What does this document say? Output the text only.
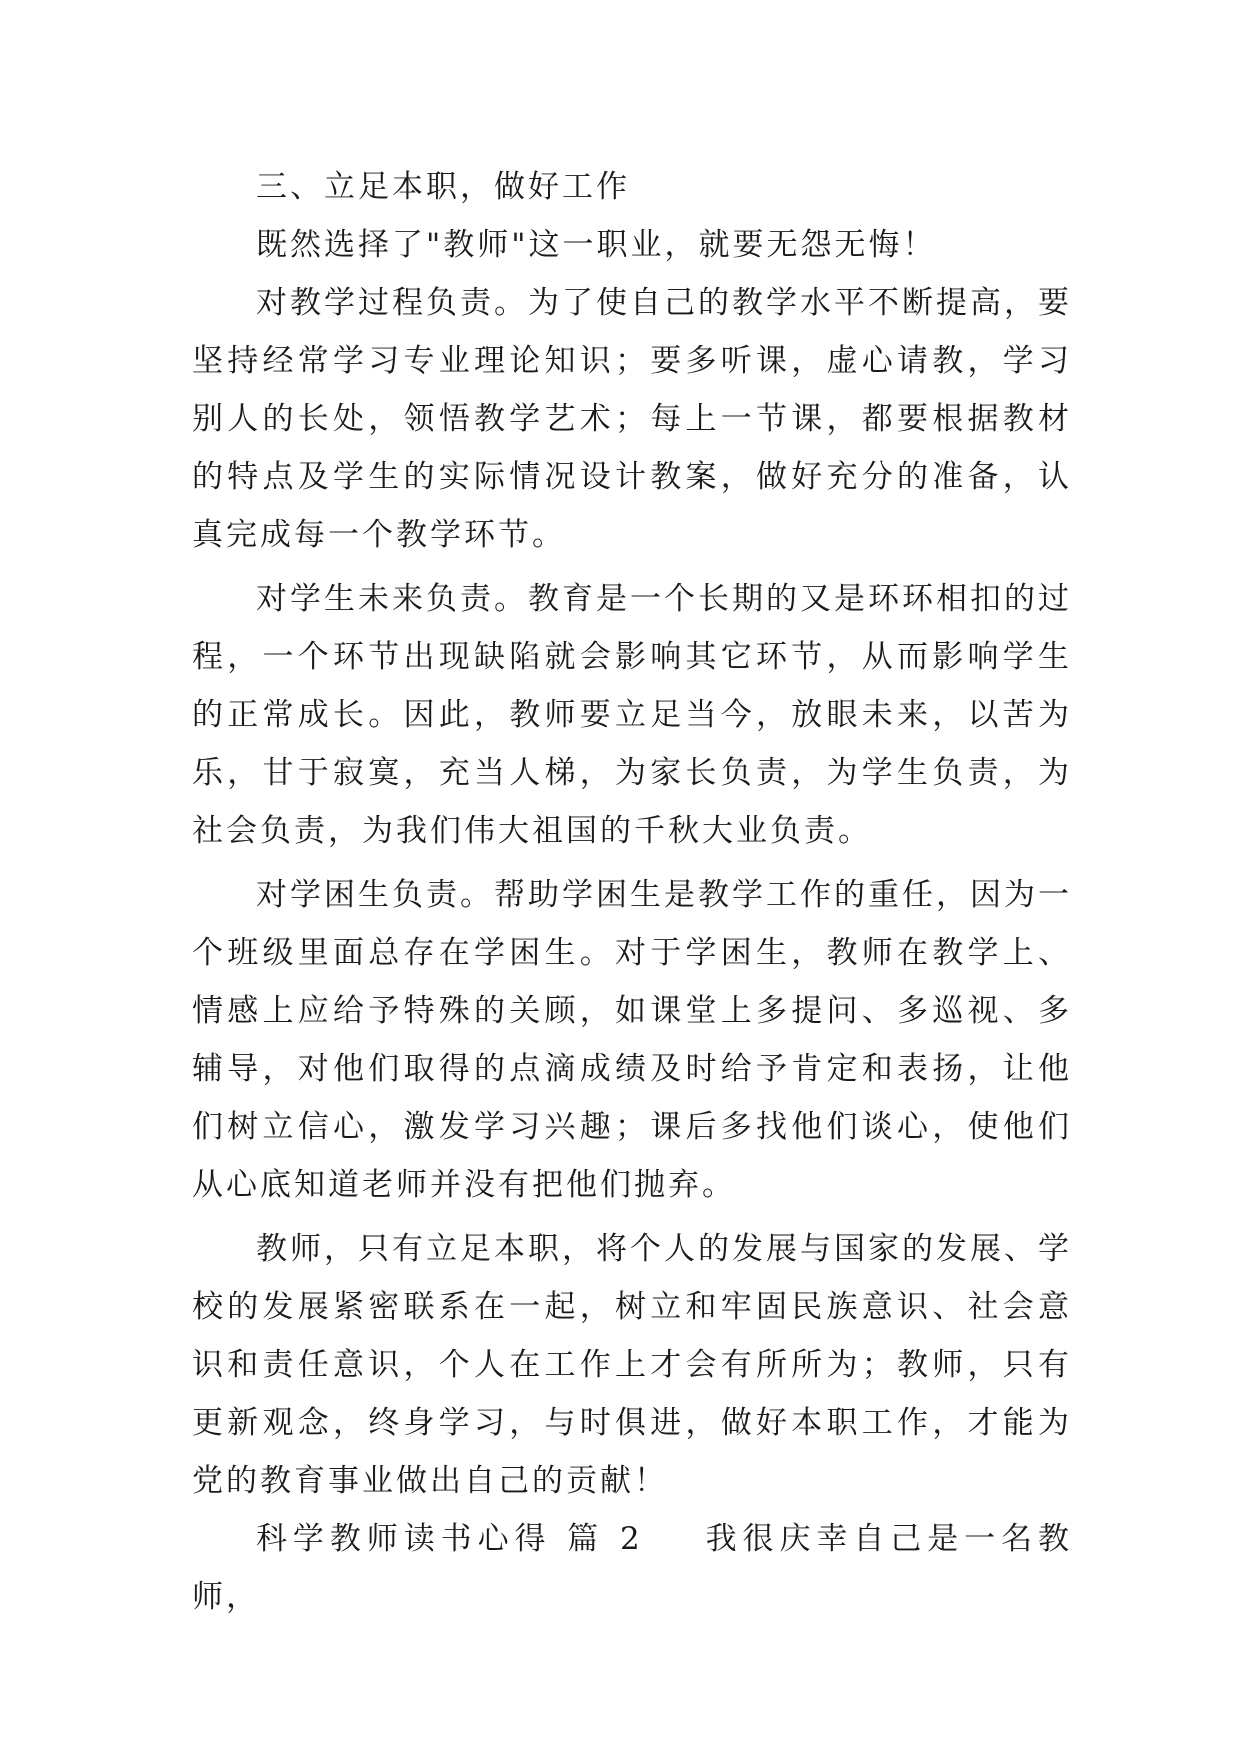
三、立足本职，做好工作

既然选择了"教师"这一职业，就要无怨无悔！

对教学过程负责。为了使自己的教学水平不断提高，要坚持经常学习专业理论知识；要多听课，虚心请教，学习别人的长处，领悟教学艺术；每上一节课，都要根据教材的特点及学生的实际情况设计教案，做好充分的准备，认真完成每一个教学环节。

对学生未来负责。教育是一个长期的又是环环相扣的过程，一个环节出现缺陷就会影响其它环节，从而影响学生的正常成长。因此，教师要立足当今，放眼未来，以苦为乐，甘于寂寞，充当人梯，为家长负责，为学生负责，为社会负责，为我们伟大祖国的千秋大业负责。

对学困生负责。帮助学困生是教学工作的重任，因为一个班级里面总存在学困生。对于学困生，教师在教学上、情感上应给予特殊的关顾，如课堂上多提问、多巡视、多辅导，对他们取得的点滴成绩及时给予肯定和表扬，让他们树立信心，激发学习兴趣；课后多找他们谈心，使他们从心底知道老师并没有把他们抛弃。

教师，只有立足本职，将个人的发展与国家的发展、学校的发展紧密联系在一起，树立和牢固民族意识、社会意识和责任意识，个人在工作上才会有所所为；教师，只有更新观念，终身学习，与时俱进，做好本职工作，才能为党的教育事业做出自己的贡献！

科学教师读书心得 篇 2 我很庆幸自己是一名教师，
